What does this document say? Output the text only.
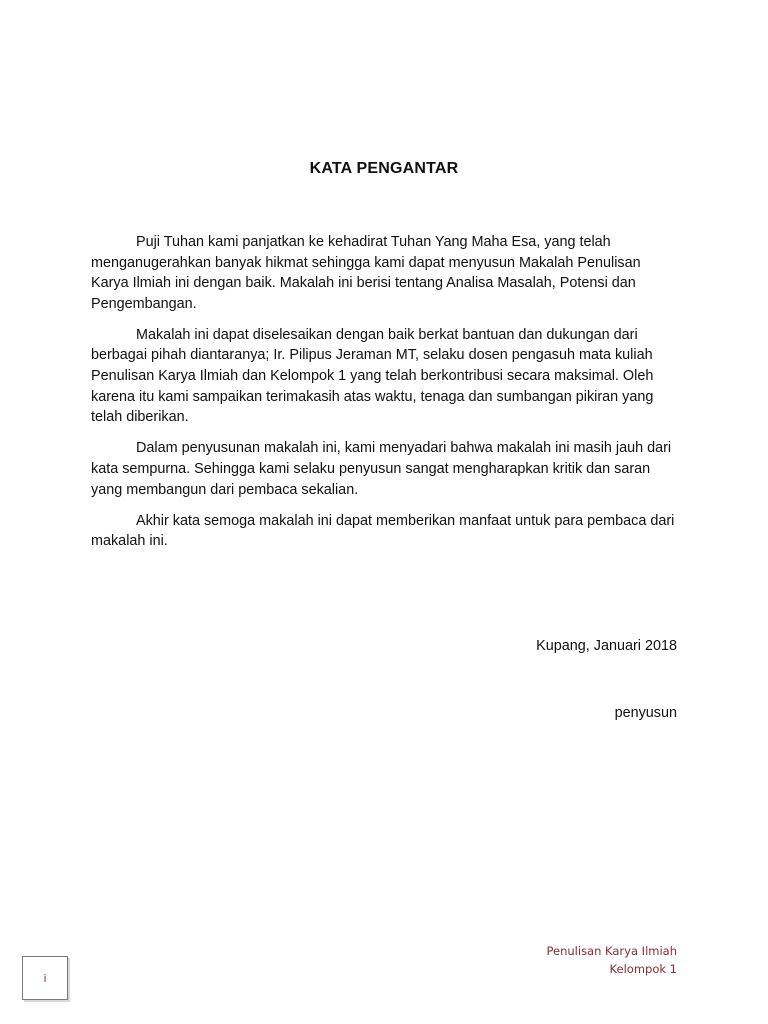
KATA PENGANTAR

Puji Tuhan kami panjatkan ke kehadirat Tuhan Yang Maha Esa, yang telah menganugerahkan banyak hikmat sehingga kami dapat menyusun Makalah Penulisan Karya Ilmiah ini dengan baik. Makalah ini berisi tentang Analisa Masalah, Potensi dan Pengembangan.

Makalah ini dapat diselesaikan dengan baik berkat bantuan dan dukungan dari berbagai pihah diantaranya; Ir. Pilipus Jeraman MT, selaku dosen pengasuh mata kuliah Penulisan Karya Ilmiah dan Kelompok 1 yang telah berkontribusi secara maksimal. Oleh karena itu kami sampaikan terimakasih atas waktu, tenaga dan sumbangan pikiran yang telah diberikan.

Dalam penyusunan makalah ini, kami menyadari bahwa makalah ini masih jauh dari kata sempurna. Sehingga kami selaku penyusun sangat mengharapkan kritik dan saran yang membangun dari pembaca sekalian.

Akhir kata semoga makalah ini dapat memberikan manfaat untuk para pembaca dari makalah ini.

Kupang, Januari 2018
penyusun
Penulisan Karya Ilmiah
Kelompok 1
i
